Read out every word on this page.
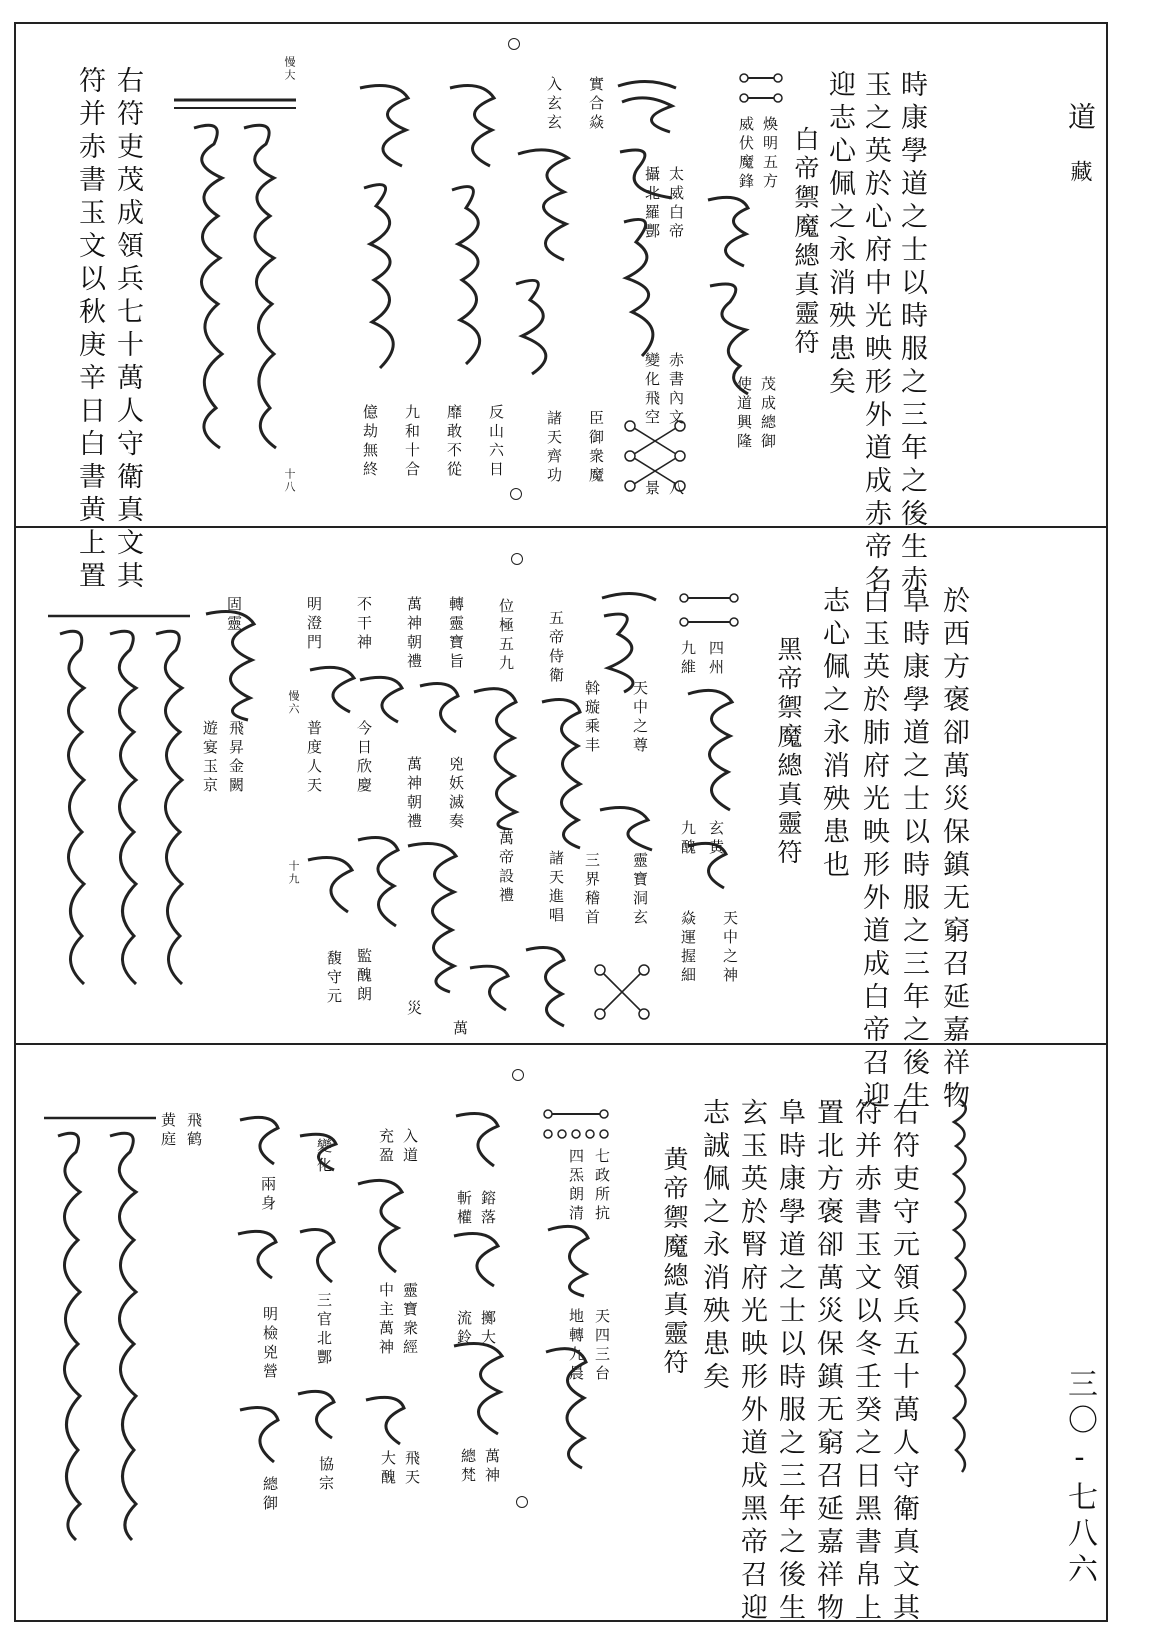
道
藏
三〇-七八六
時康學道之士以時服之三年之後生赤
玉之英於心府中光映形外道成赤帝名
迎志心佩之永消殃患矣
白帝禦魔總真靈符
煥明五方
威伏魔鋒
太威白帝
赤書內文
八
攝北羅酆
變化飛空
景
茂成總御
使道興隆
實合焱
臣御衆魔
入玄玄
諸天齊功
反山六日
靡敢不從
九和十合
億劫無終
慢大
十八
右符吏茂成領兵七十萬人守衛真文其
符并赤書玉文以秋庚辛日白書黄上置
於西方褒卻萬災保鎮无窮召延嘉祥物
阜時康學道之士以時服之三年之後生
白玉英於肺府光映形外道成白帝召迎
志心佩之永消殃患也
黑帝禦魔總真靈符
四州
九維
玄黄
九醜
天中之神
焱運握細
天中之尊
靈寶洞玄
斡璇乘丰
三界稽首
五帝侍衛
諸天進唱
位極五九
萬帝設禮
轉靈寶旨
兇妖滅奏
萬
萬神朝禮
萬神朝禮
災
不干神
今日欣慶
監醜朗
明澄門
普度人天
馥守元
慢六
十九
固靈
飛昇金闕
遊宴玉京
右符吏守元領兵五十萬人守衛真文其
符并赤書玉文以冬壬癸之日黑書帛上
置北方褒卻萬災保鎮无窮召延嘉祥物
阜時康學道之士以時服之三年之後生
玄玉英於腎府光映形外道成黑帝召迎
志誠佩之永消殃患矣
黄帝禦魔總真靈符
七政所抗
天四三台
四炁朗清
地轉九晨
鎔落
擲大
萬神
斬權
流鈴
總梵
入道
靈寶衆經
飛天
充盈
中主萬神
大醜
變化
三官北酆
協宗
兩身
明檢兇營
總御
飛鹤
黄庭
